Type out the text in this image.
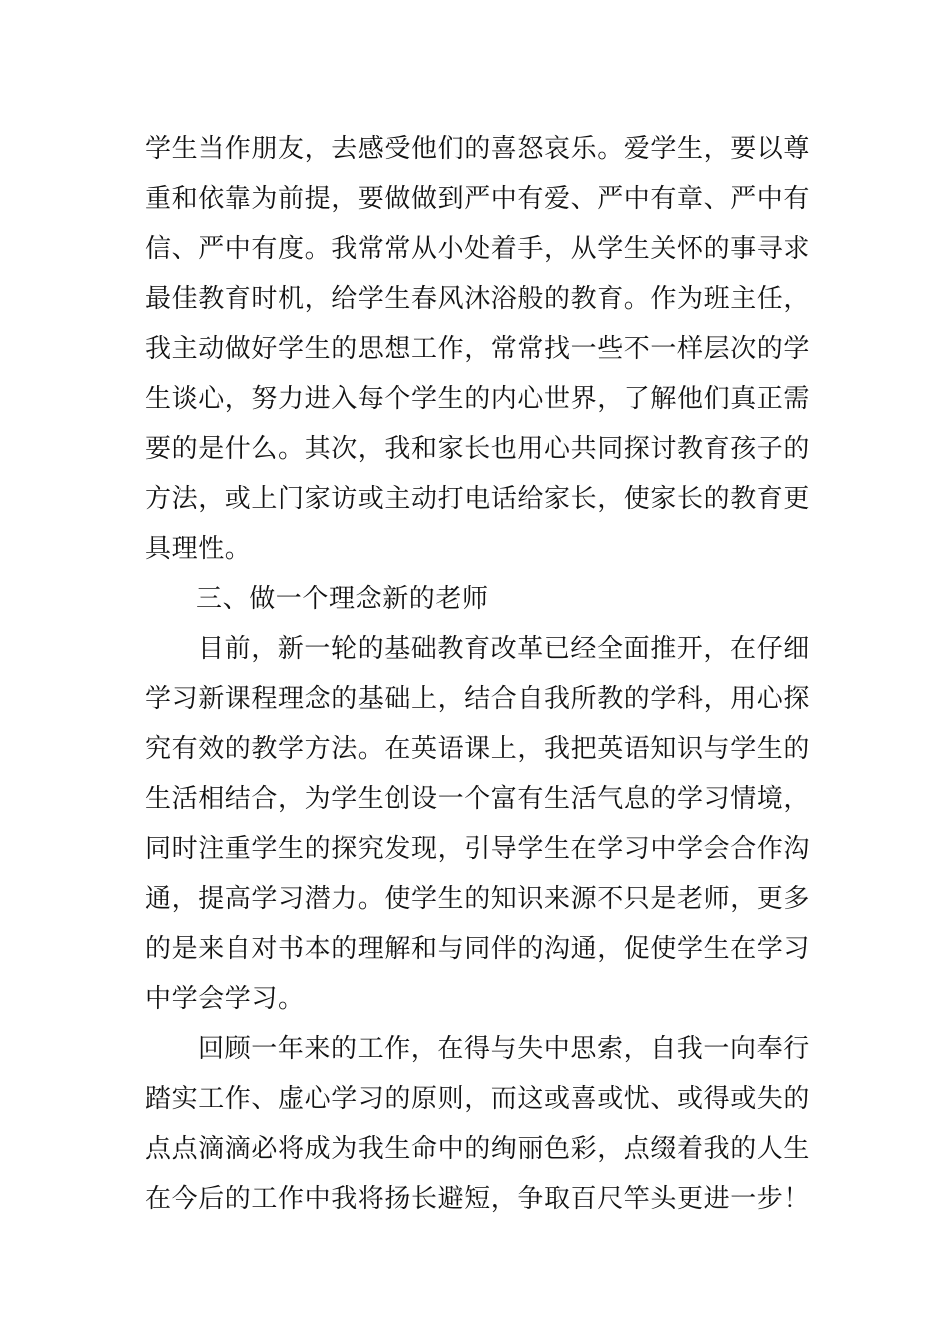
学生当作朋友，去感受他们的喜怒哀乐。爱学生，要以尊
重和依靠为前提，要做做到严中有爱、严中有章、严中有
信、严中有度。我常常从小处着手，从学生关怀的事寻求
最佳教育时机，给学生春风沐浴般的教育。作为班主任，
我主动做好学生的思想工作，常常找一些不一样层次的学
生谈心，努力进入每个学生的内心世界，了解他们真正需
要的是什么。其次，我和家长也用心共同探讨教育孩子的
方法，或上门家访或主动打电话给家长，使家长的教育更
具理性。
三、做一个理念新的老师
目前，新一轮的基础教育改革已经全面推开，在仔细
学习新课程理念的基础上，结合自我所教的学科，用心探
究有效的教学方法。在英语课上，我把英语知识与学生的
生活相结合，为学生创设一个富有生活气息的学习情境，
同时注重学生的探究发现，引导学生在学习中学会合作沟
通，提高学习潜力。使学生的知识来源不只是老师，更多
的是来自对书本的理解和与同伴的沟通，促使学生在学习
中学会学习。
回顾一年来的工作，在得与失中思索，自我一向奉行
踏实工作、虚心学习的原则，而这或喜或忧、或得或失的
点点滴滴必将成为我生命中的绚丽色彩，点缀着我的人生
在今后的工作中我将扬长避短，争取百尺竿头更进一步！
